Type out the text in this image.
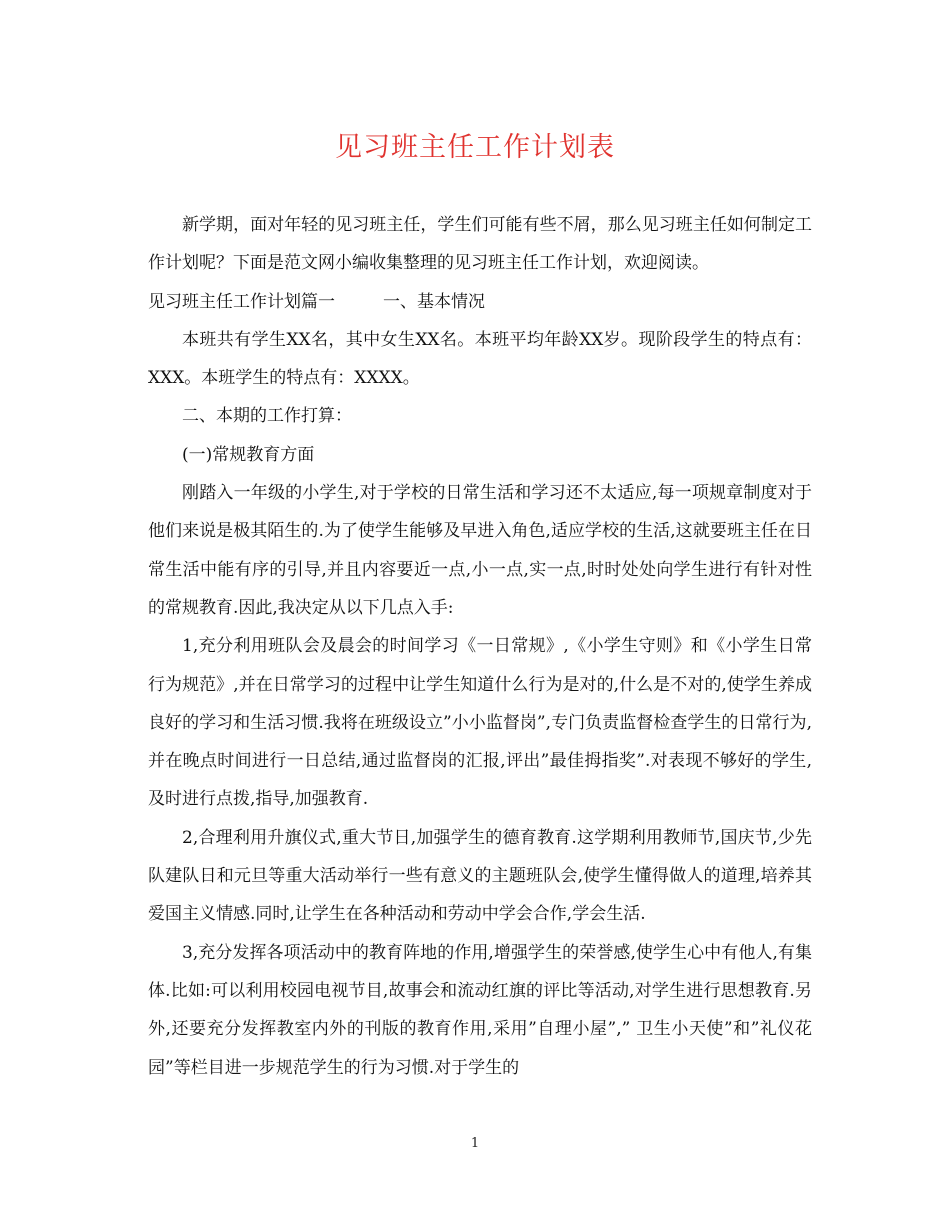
见习班主任工作计划表

新学期，面对年轻的见习班主任，学生们可能有些不屑，那么见习班主任如何制定工作计划呢？下面是范文网小编收集整理的见习班主任工作计划，欢迎阅读。

见习班主任工作计划篇一	一、基本情况

本班共有学生XX名，其中女生XX名。本班平均年龄XX岁。现阶段学生的特点有：XXX。本班学生的特点有：XXXX。

二、本期的工作打算：

(一)常规教育方面

刚踏入一年级的小学生,对于学校的日常生活和学习还不太适应,每一项规章制度对于他们来说是极其陌生的.为了使学生能够及早进入角色,适应学校的生活,这就要班主任在日常生活中能有序的引导,并且内容要近一点,小一点,实一点,时时处处向学生进行有针对性的常规教育.因此,我决定从以下几点入手:

1,充分利用班队会及晨会的时间学习《一日常规》,《小学生守则》和《小学生日常行为规范》,并在日常学习的过程中让学生知道什么行为是对的,什么是不对的,使学生养成良好的学习和生活习惯.我将在班级设立”小小监督岗”,专门负责监督检查学生的日常行为,并在晚点时间进行一日总结,通过监督岗的汇报,评出”最佳拇指奖”.对表现不够好的学生,及时进行点拨,指导,加强教育.

2,合理利用升旗仪式,重大节日,加强学生的德育教育.这学期利用教师节,国庆节,少先队建队日和元旦等重大活动举行一些有意义的主题班队会,使学生懂得做人的道理,培养其爱国主义情感.同时,让学生在各种活动和劳动中学会合作,学会生活.

3,充分发挥各项活动中的教育阵地的作用,增强学生的荣誉感,使学生心中有他人,有集体.比如:可以利用校园电视节目,故事会和流动红旗的评比等活动,对学生进行思想教育.另外,还要充分发挥教室内外的刊版的教育作用,采用”自理小屋”,” 卫生小天使”和”礼仪花园”等栏目进一步规范学生的行为习惯.对于学生的

1
